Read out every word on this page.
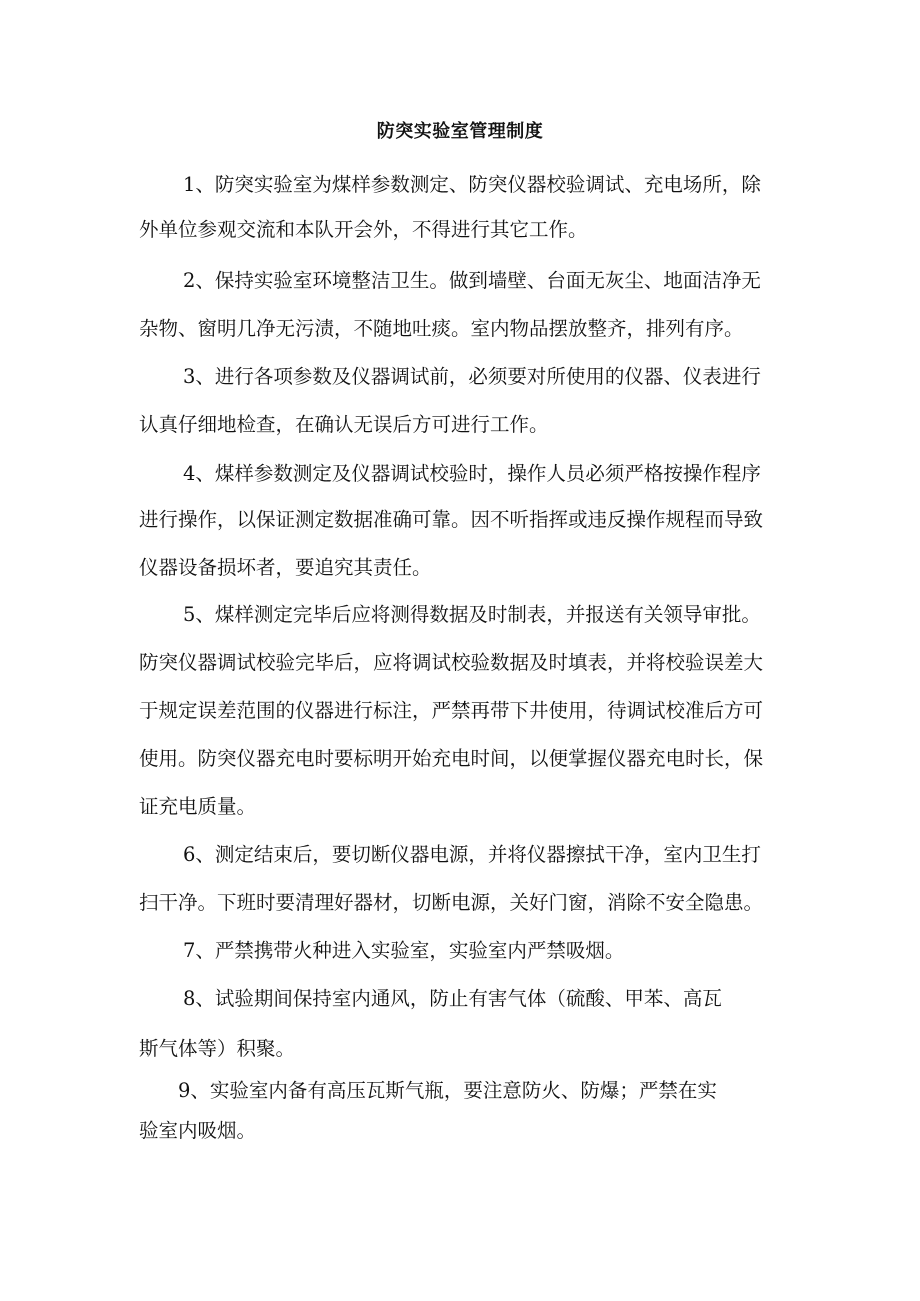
防突实验室管理制度

1、防突实验室为煤样参数测定、防突仪器校验调试、充电场所，除

外单位参观交流和本队开会外，不得进行其它工作。

2、保持实验室环境整洁卫生。做到墙壁、台面无灰尘、地面洁净无

杂物、窗明几净无污渍，不随地吐痰。室内物品摆放整齐，排列有序。

3、进行各项参数及仪器调试前，必须要对所使用的仪器、仪表进行

认真仔细地检查，在确认无误后方可进行工作。

4、煤样参数测定及仪器调试校验时，操作人员必须严格按操作程序

进行操作，以保证测定数据准确可靠。因不听指挥或违反操作规程而导致

仪器设备损坏者，要追究其责任。

5、煤样测定完毕后应将测得数据及时制表，并报送有关领导审批。

防突仪器调试校验完毕后，应将调试校验数据及时填表，并将校验误差大

于规定误差范围的仪器进行标注，严禁再带下井使用，待调试校准后方可

使用。防突仪器充电时要标明开始充电时间，以便掌握仪器充电时长，保

证充电质量。

6、测定结束后，要切断仪器电源，并将仪器擦拭干净，室内卫生打

扫干净。下班时要清理好器材，切断电源，关好门窗，消除不安全隐患。

7、严禁携带火种进入实验室，实验室内严禁吸烟。

8、试验期间保持室内通风，防止有害气体（硫酸、甲苯、高瓦

斯气体等）积聚。

9、实验室内备有高压瓦斯气瓶，要注意防火、防爆；严禁在实

验室内吸烟。
